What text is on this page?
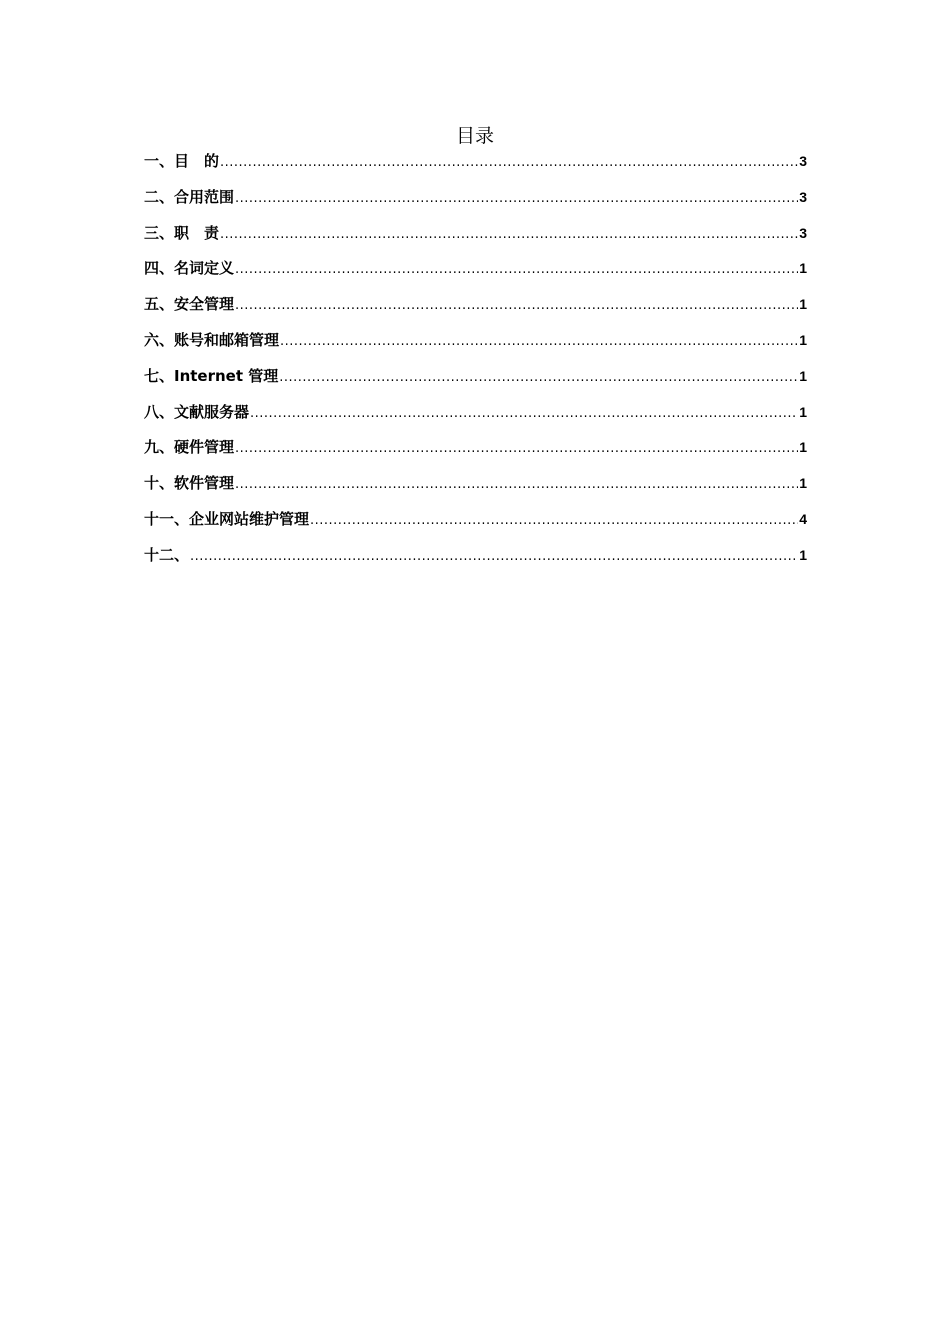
目录
一、目　的 .....	3
二、合用范围 .....	3
三、职　责 .....	3
四、名词定义 .....	1
五、安全管理 .....	1
六、账号和邮箱管理 .....	1
七、Internet 管理 .....	1
八、文献服务器 .....	1
九、硬件管理 .....	1
十、软件管理 .....	1
十一、企业网站维护管理 .....	4
十二、 .....	1
